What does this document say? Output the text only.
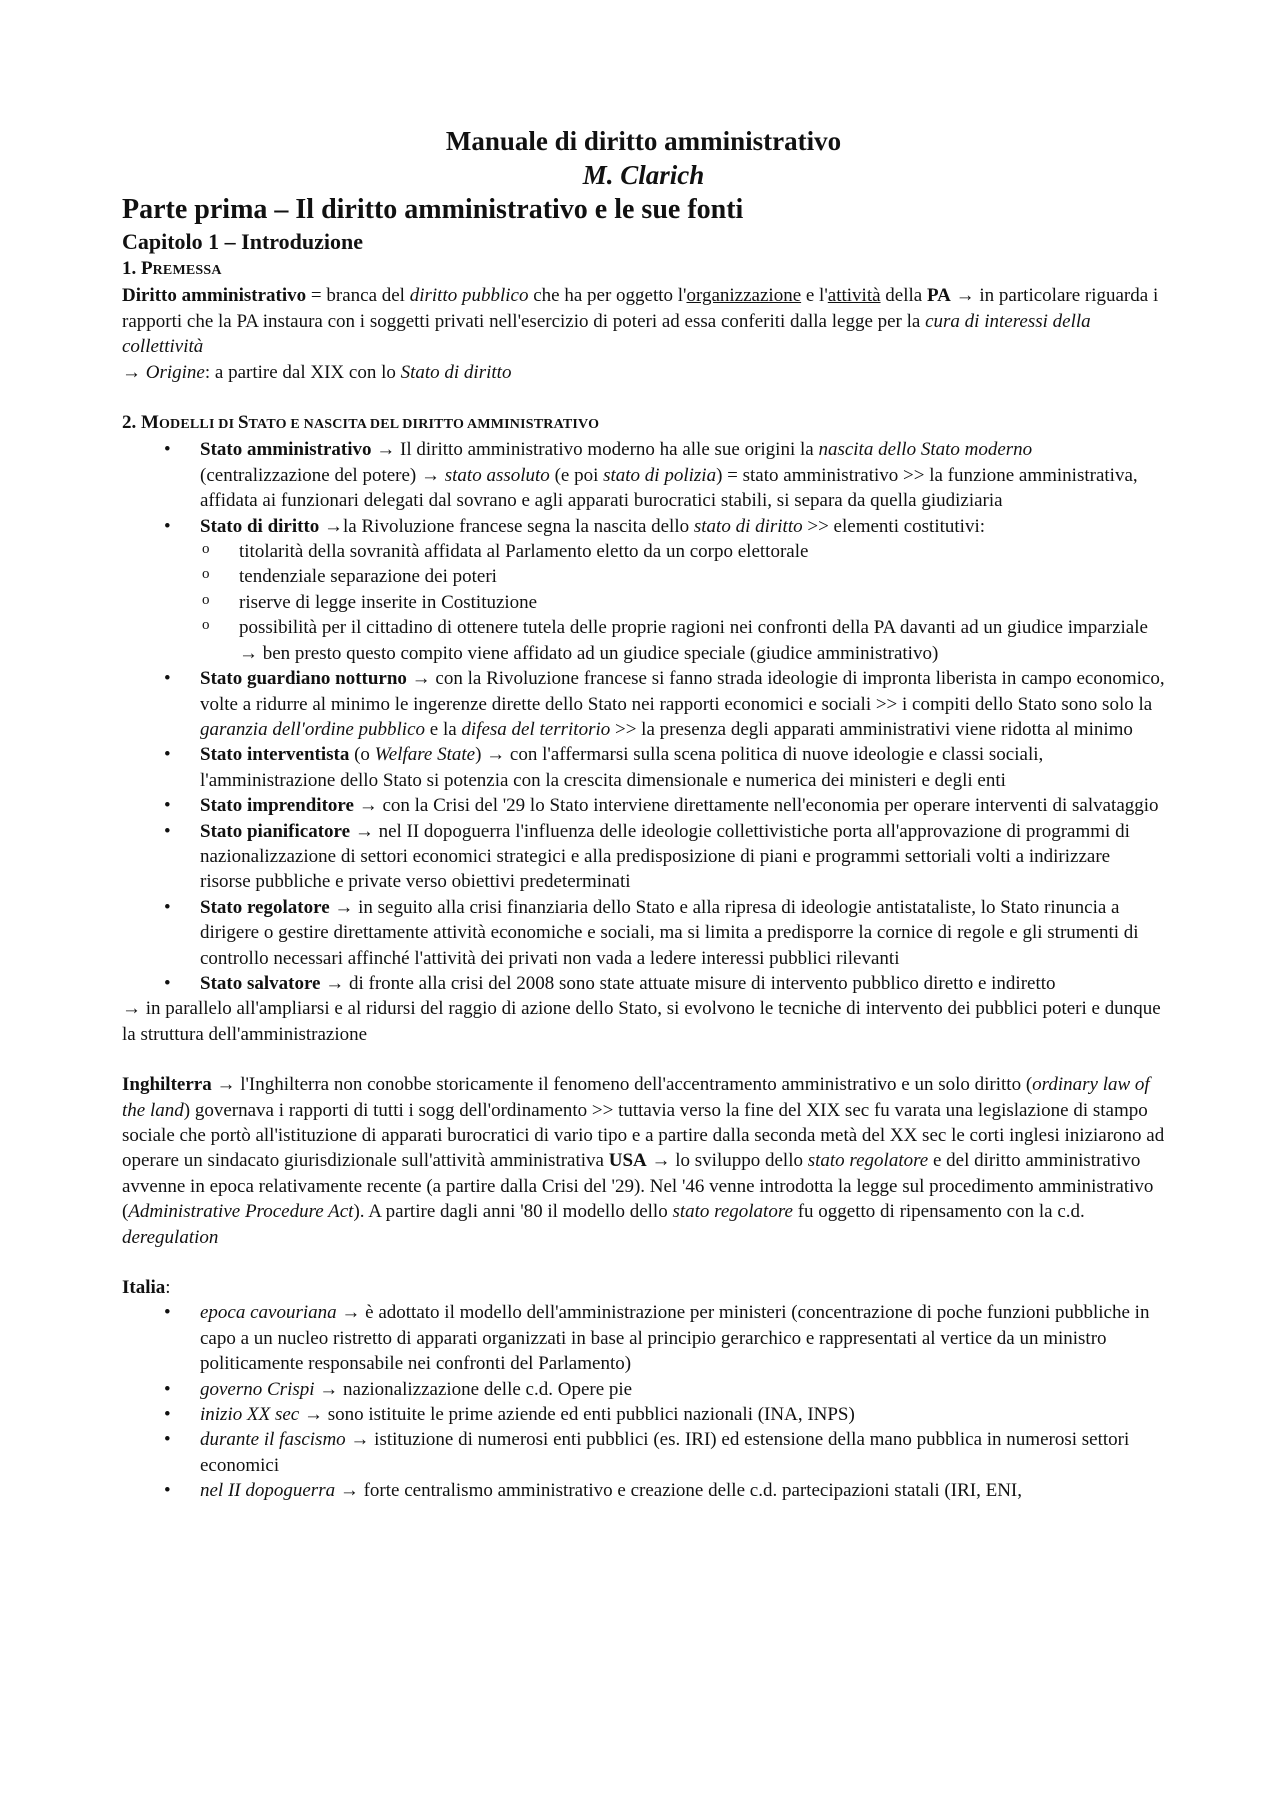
Manuale di diritto amministrativo
M. Clarich
Parte prima – Il diritto amministrativo e le sue fonti
Capitolo 1 – Introduzione
1. PREMESSA

Diritto amministrativo = branca del diritto pubblico che ha per oggetto l'organizzazione e l'attività della PA → in particolare riguarda i rapporti che la PA instaura con i soggetti privati nell'esercizio di poteri ad essa conferiti dalla legge per la cura di interessi della collettività

→ Origine: a partire dal XIX con lo Stato di diritto

2. MODELLI DI STATO E NASCITA DEL DIRITTO AMMINISTRATIVO
• Stato amministrativo → Il diritto amministrativo moderno ha alle sue origini la nascita dello Stato moderno (centralizzazione del potere) → stato assoluto (e poi stato di polizia) = stato amministrativo >> la funzione amministrativa, affidata ai funzionari delegati dal sovrano e agli apparati burocratici stabili, si separa da quella giudiziaria
• Stato di diritto →la Rivoluzione francese segna la nascita dello stato di diritto >> elementi costitutivi:
o titolarità della sovranità affidata al Parlamento eletto da un corpo elettorale
o tendenziale separazione dei poteri
o riserve di legge inserite in Costituzione
o possibilità per il cittadino di ottenere tutela delle proprie ragioni nei confronti della PA davanti ad un giudice imparziale → ben presto questo compito viene affidato ad un giudice speciale (giudice amministrativo)
• Stato guardiano notturno → con la Rivoluzione francese si fanno strada ideologie di impronta liberista in campo economico, volte a ridurre al minimo le ingerenze dirette dello Stato nei rapporti economici e sociali >> i compiti dello Stato sono solo la garanzia dell'ordine pubblico e la difesa del territorio >> la presenza degli apparati amministrativi viene ridotta al minimo
• Stato interventista (o Welfare State) → con l'affermarsi sulla scena politica di nuove ideologie e classi sociali, l'amministrazione dello Stato si potenzia con la crescita dimensionale e numerica dei ministeri e degli enti
• Stato imprenditore → con la Crisi del '29 lo Stato interviene direttamente nell'economia per operare interventi di salvataggio
• Stato pianificatore → nel II dopoguerra l'influenza delle ideologie collettivistiche porta all'approvazione di programmi di nazionalizzazione di settori economici strategici e alla predisposizione di piani e programmi settoriali volti a indirizzare risorse pubbliche e private verso obiettivi predeterminati
• Stato regolatore → in seguito alla crisi finanziaria dello Stato e alla ripresa di ideologie antistataliste, lo Stato rinuncia a dirigere o gestire direttamente attività economiche e sociali, ma si limita a predisporre la cornice di regole e gli strumenti di controllo necessari affinché l'attività dei privati non vada a ledere interessi pubblici rilevanti
• Stato salvatore → di fronte alla crisi del 2008 sono state attuate misure di intervento pubblico diretto e indiretto

→ in parallelo all'ampliarsi e al ridursi del raggio di azione dello Stato, si evolvono le tecniche di intervento dei pubblici poteri e dunque la struttura dell'amministrazione

Inghilterra → l'Inghilterra non conobbe storicamente il fenomeno dell'accentramento amministrativo e un solo diritto (ordinary law of the land) governava i rapporti di tutti i sogg dell'ordinamento >> tuttavia verso la fine del XIX sec fu varata una legislazione di stampo sociale che portò all'istituzione di apparati burocratici di vario tipo e a partire dalla seconda metà del XX sec le corti inglesi iniziarono ad operare un sindacato giurisdizionale sull'attività amministrativa USA → lo sviluppo dello stato regolatore e del diritto amministrativo avvenne in epoca relativamente recente (a partire dalla Crisi del '29). Nel '46 venne introdotta la legge sul procedimento amministrativo (Administrative Procedure Act). A partire dagli anni '80 il modello dello stato regolatore fu oggetto di ripensamento con la c.d. deregulation

Italia:

• epoca cavouriana → è adottato il modello dell'amministrazione per ministeri (concentrazione di poche funzioni pubbliche in capo a un nucleo ristretto di apparati organizzati in base al principio gerarchico e rappresentati al vertice da un ministro politicamente responsabile nei confronti del Parlamento)
• governo Crispi → nazionalizzazione delle c.d. Opere pie
• inizio XX sec → sono istituite le prime aziende ed enti pubblici nazionali (INA, INPS)
• durante il fascismo → istituzione di numerosi enti pubblici (es. IRI) ed estensione della mano pubblica in numerosi settori economici
• nel II dopoguerra → forte centralismo amministrativo e creazione delle c.d. partecipazioni statali (IRI, ENI,
